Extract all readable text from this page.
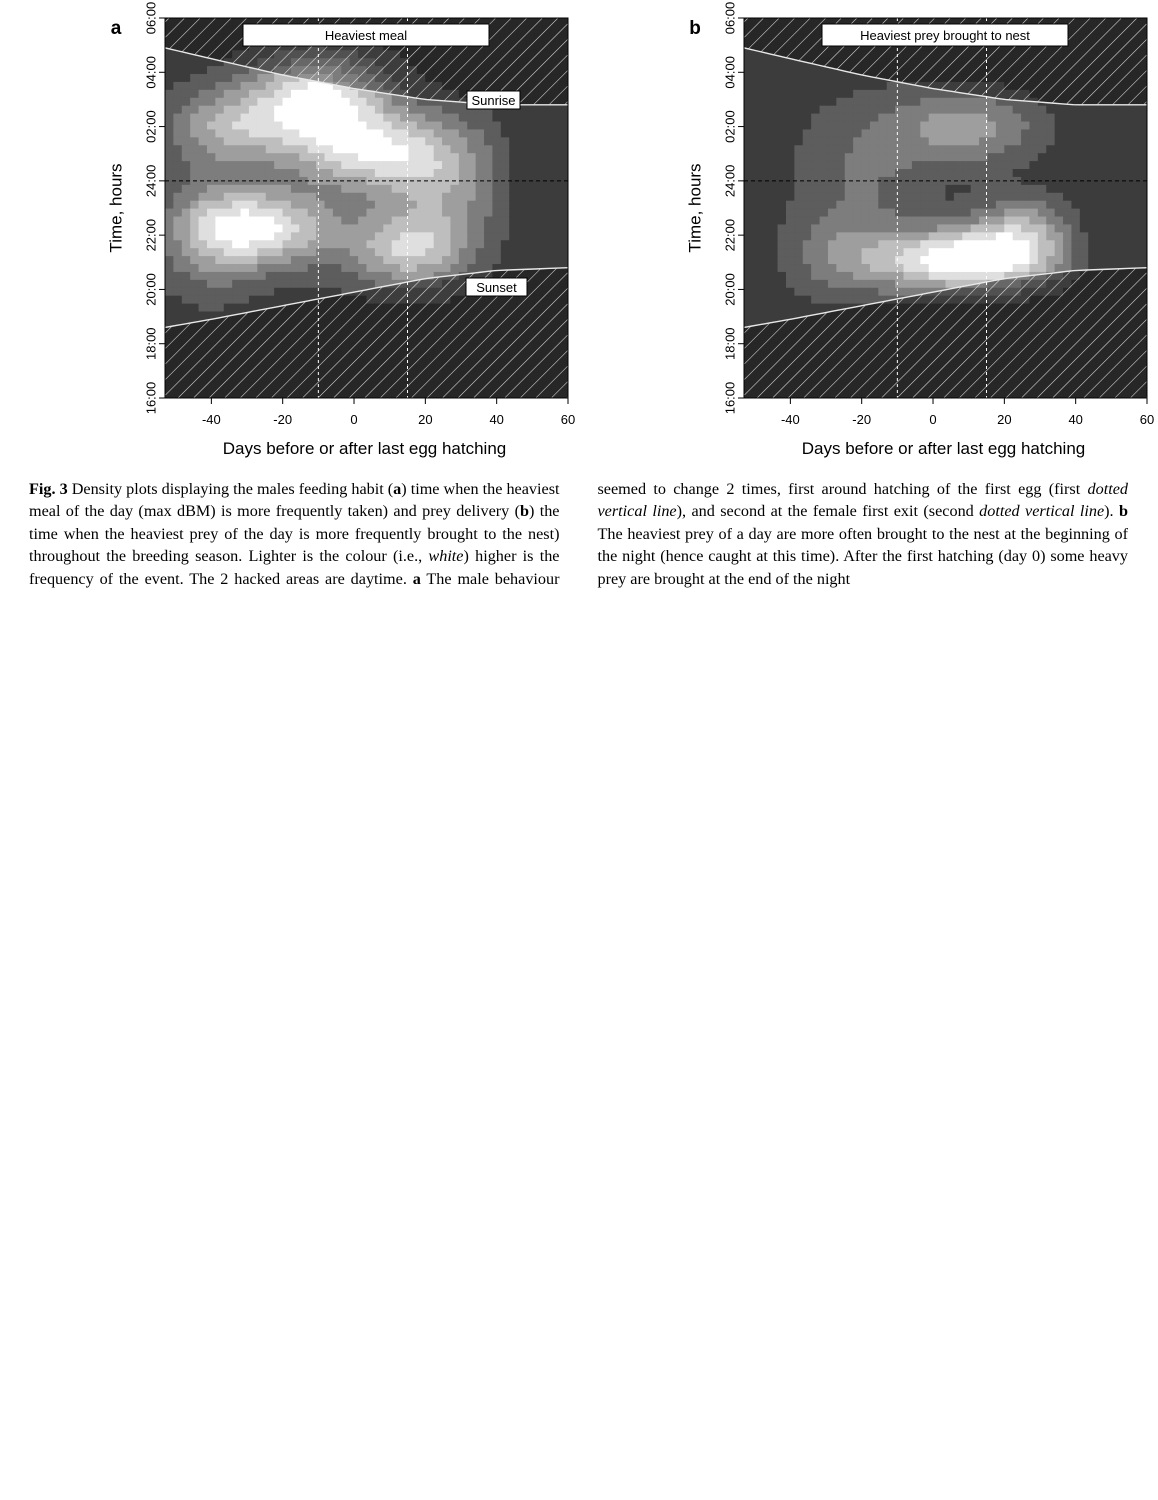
-40	-20	0	20	40	60
16:00
18:00
20:00
22:00
24:00
02:00
04:00
06:00
Days before or after last egg hatching
Time, hours
a	Heaviest meal
Sunrise
Sunset
-40	-20	0	20	40	60
16:00
18:00
20:00
22:00
24:00
02:00
04:00
06:00
Days before or after last egg hatching
Time, hours
b	Heaviest prey brought to nest

Fig. 3 Density plots displaying the males feeding habit (a) time when the heaviest meal of the day (max dBM) is more frequently taken) and prey delivery (b) the time when the heaviest prey of the day is more frequently brought to the nest) throughout the breeding season. Lighter is the colour (i.e., white) higher is the frequency of the event. The 2 hacked areas are daytime. a The male behaviour seemed to change 2 times, first around hatching of the first egg (first dotted vertical line), and second at the female first exit (second dotted vertical line). b The heaviest prey of a day are more often brought to the nest at the beginning of the night (hence caught at this time). After the first hatching (day 0) some heavy prey are brought at the end of the night
